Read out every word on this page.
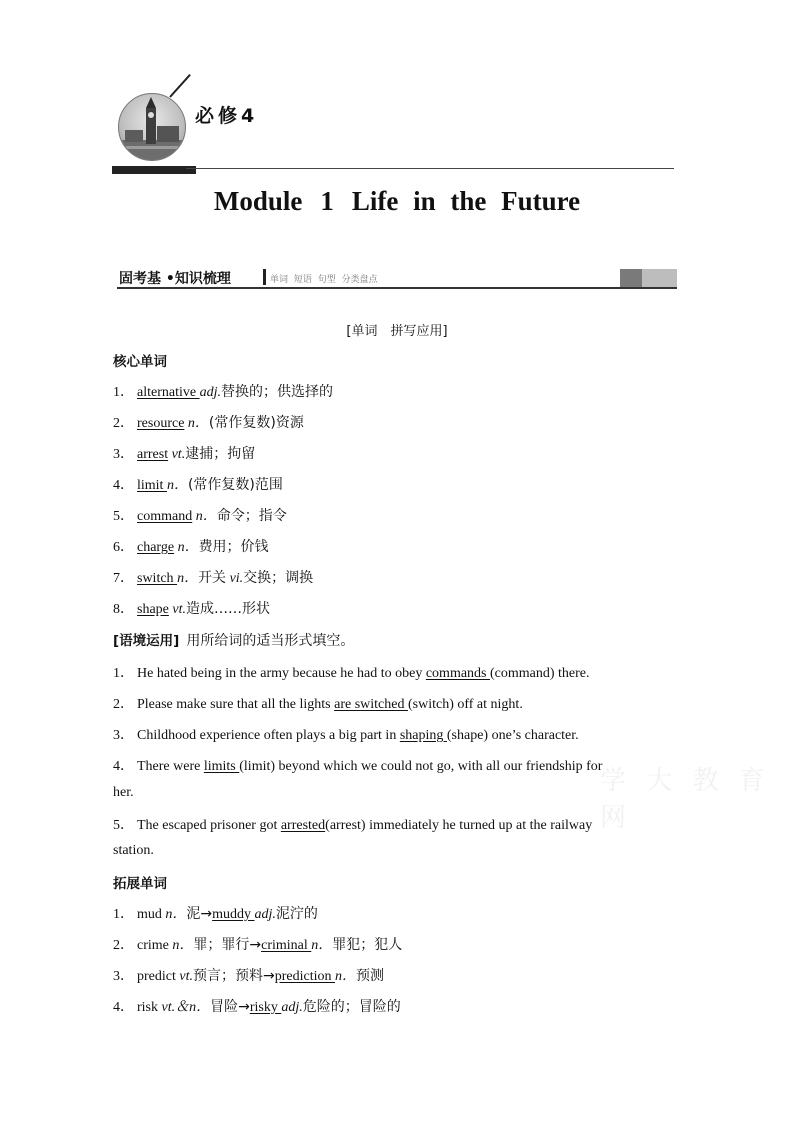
必修4
Module 1 Life in the Future
固考基 •知识梳理	单词 短语 句型 分类盘点
[单词　拼写应用]
核心单词
1． alternative adj.替换的；供选择的
2． resource n．(常作复数)资源
3． arrest vt.逮捕；拘留
4． limit n．(常作复数)范围
5． command n．命令；指令
6． charge n．费用；价钱
7． switch n．开关 vi.交换；调换
8． shape vt.造成……形状
[语境运用] 用所给词的适当形式填空。
1． He hated being in the army because he had to obey commands (command) there.
2． Please make sure that all the lights are switched (switch) off at night.
3． Childhood experience often plays a big part in shaping (shape) one’s character.
4． There were limits (limit) beyond which we could not go, with all our friendship for
her.
5． The escaped prisoner got arrested(arrest) immediately he turned up at the railway
station.
拓展单词
1． mud n．泥→muddy adj.泥泞的
2． crime n．罪；罪行→criminal n．罪犯；犯人
3． predict vt.预言；预料→prediction n．预测
4． risk vt.＆n．冒险→risky adj.危险的；冒险的
学 大 教 育 网
